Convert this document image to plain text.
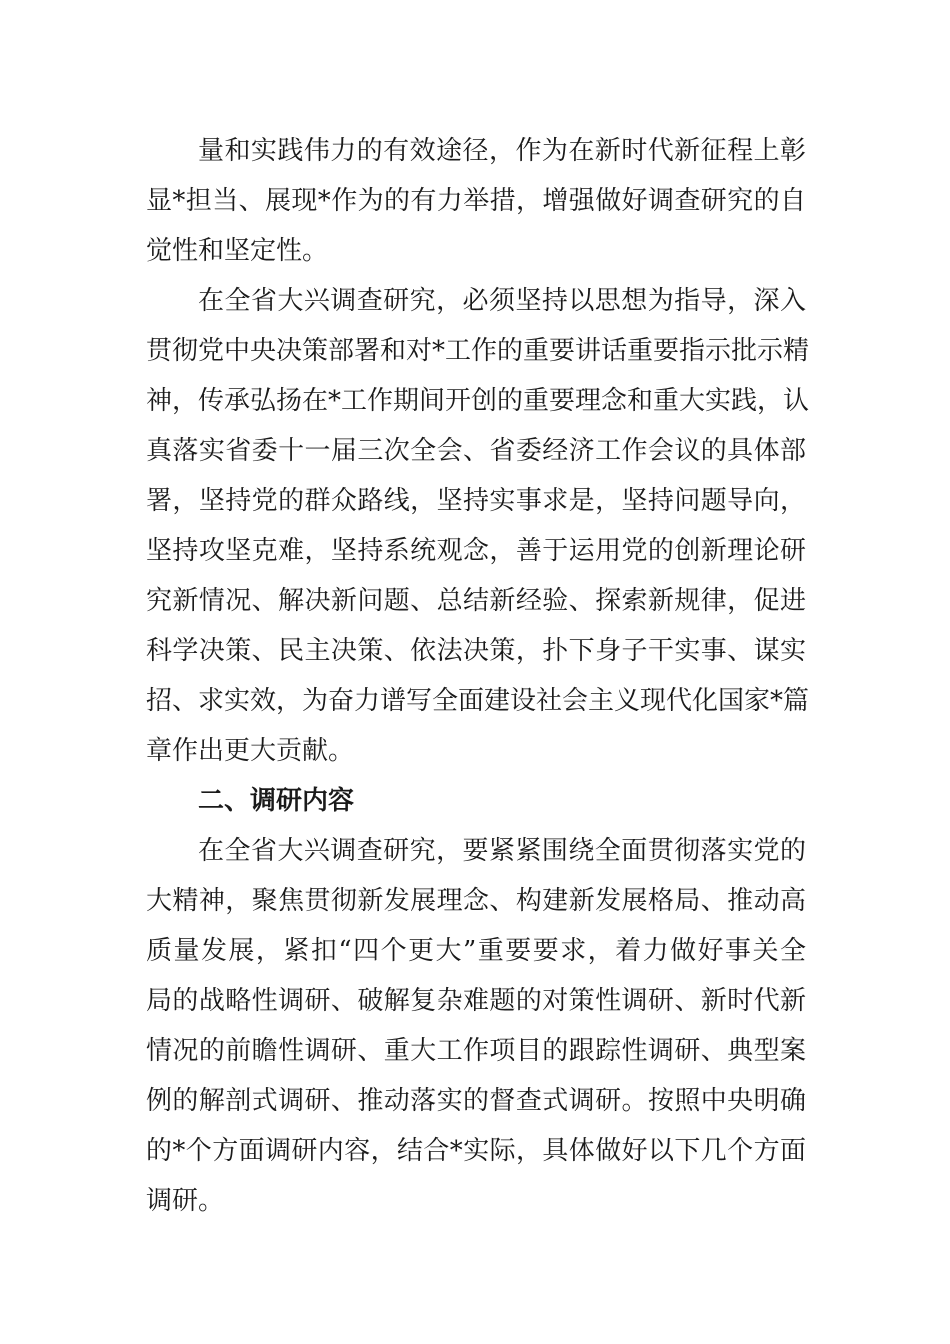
量和实践伟力的有效途径，作为在新时代新征程上彰
显*担当、展现*作为的有力举措，增强做好调查研究的自
觉性和坚定性。
在全省大兴调查研究，必须坚持以思想为指导，深入
贯彻党中央决策部署和对*工作的重要讲话重要指示批示精
神，传承弘扬在*工作期间开创的重要理念和重大实践，认
真落实省委十一届三次全会、省委经济工作会议的具体部
署，坚持党的群众路线，坚持实事求是，坚持问题导向，
坚持攻坚克难，坚持系统观念，善于运用党的创新理论研
究新情况、解决新问题、总结新经验、探索新规律，促进
科学决策、民主决策、依法决策，扑下身子干实事、谋实
招、求实效，为奋力谱写全面建设社会主义现代化国家*篇
章作出更大贡献。
二、调研内容
在全省大兴调查研究，要紧紧围绕全面贯彻落实党的
大精神，聚焦贯彻新发展理念、构建新发展格局、推动高
质量发展，紧扣“四个更大”重要要求，着力做好事关全
局的战略性调研、破解复杂难题的对策性调研、新时代新
情况的前瞻性调研、重大工作项目的跟踪性调研、典型案
例的解剖式调研、推动落实的督查式调研。按照中央明确
的*个方面调研内容，结合*实际，具体做好以下几个方面
调研。
